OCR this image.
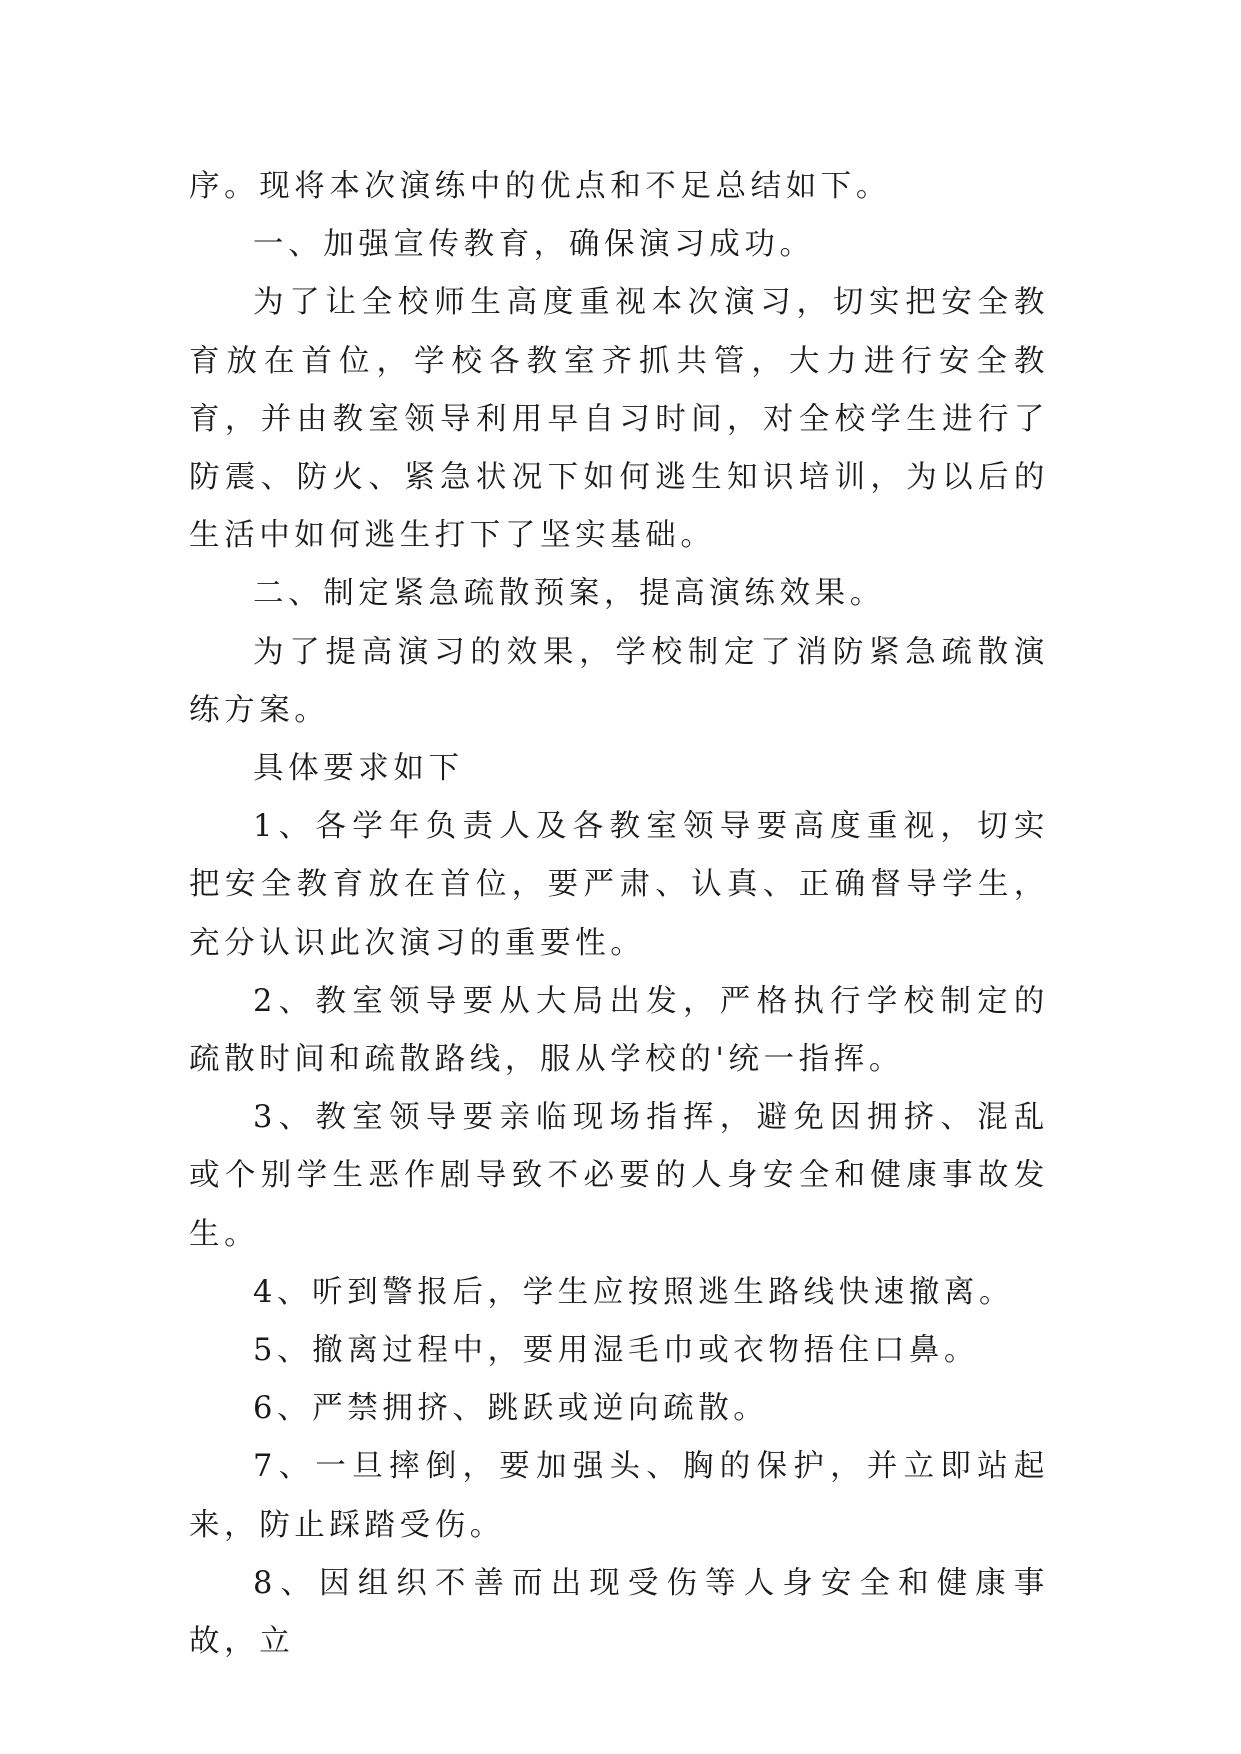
序。现将本次演练中的优点和不足总结如下。

一、加强宣传教育，确保演习成功。

为了让全校师生高度重视本次演习，切实把安全教育放在首位，学校各教室齐抓共管，大力进行安全教育，并由教室领导利用早自习时间，对全校学生进行了防震、防火、紧急状况下如何逃生知识培训，为以后的生活中如何逃生打下了坚实基础。

二、制定紧急疏散预案，提高演练效果。

为了提高演习的效果，学校制定了消防紧急疏散演练方案。

具体要求如下

1、各学年负责人及各教室领导要高度重视，切实把安全教育放在首位，要严肃、认真、正确督导学生，充分认识此次演习的重要性。

2、教室领导要从大局出发，严格执行学校制定的疏散时间和疏散路线，服从学校的'统一指挥。

3、教室领导要亲临现场指挥，避免因拥挤、混乱或个别学生恶作剧导致不必要的人身安全和健康事故发生。

4、听到警报后，学生应按照逃生路线快速撤离。

5、撤离过程中，要用湿毛巾或衣物捂住口鼻。

6、严禁拥挤、跳跃或逆向疏散。

7、一旦摔倒，要加强头、胸的保护，并立即站起来，防止踩踏受伤。

8、因组织不善而出现受伤等人身安全和健康事故，立
